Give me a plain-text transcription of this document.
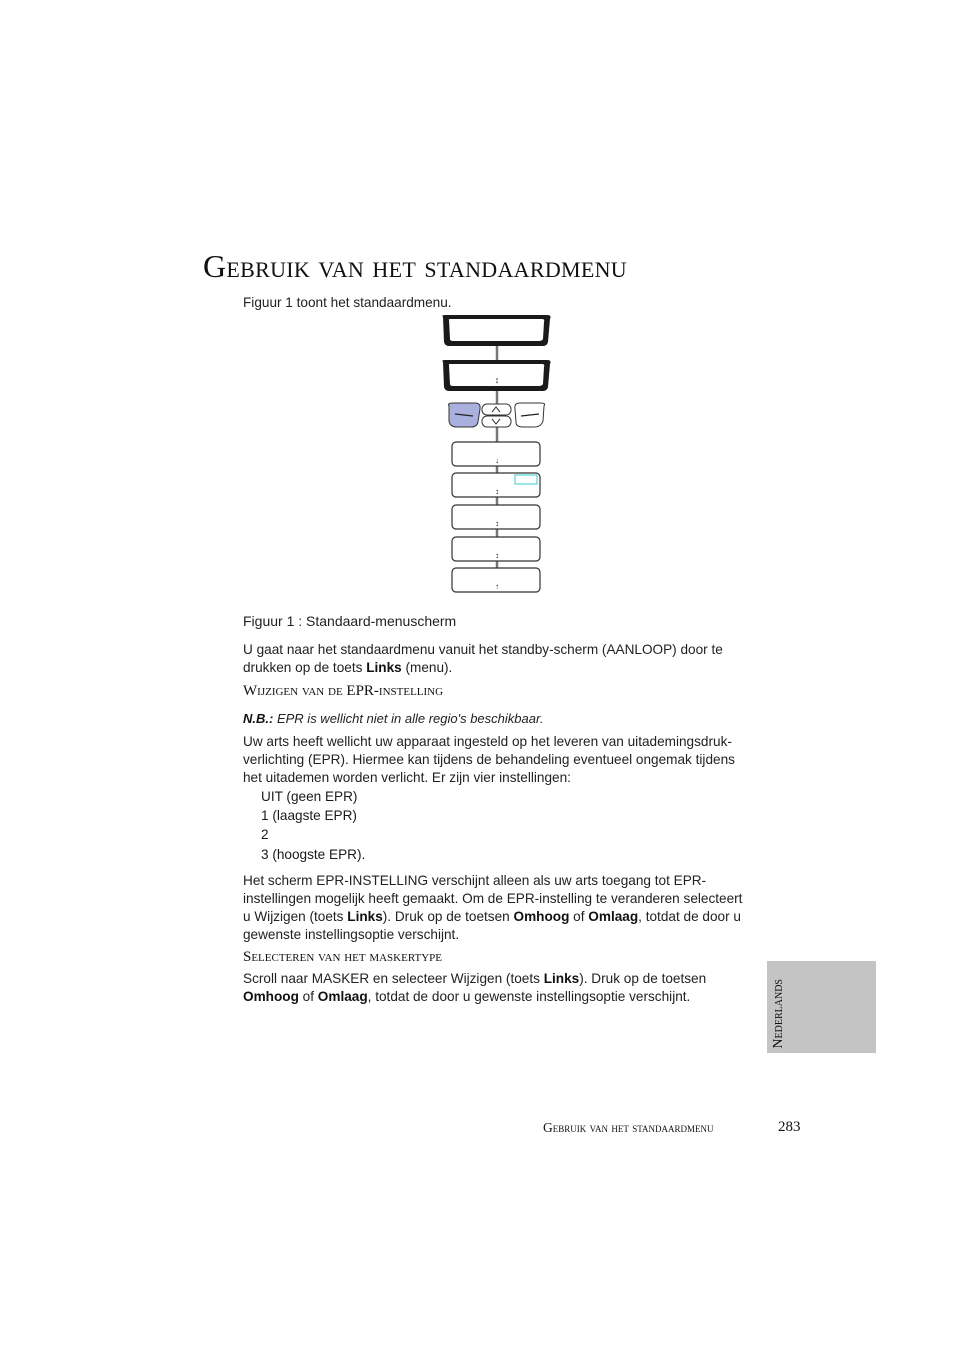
Gebruik van het standaardmenu
Figuur 1 toont het standaardmenu.
↕
↓
↕
↕
↕
↑
Figuur 1 : Standaard-menuscherm
U gaat naar het standaardmenu vanuit het standby-scherm (AANLOOP) door te drukken op de toets Links (menu).
Wijzigen van de EPR-instelling
N.B.: EPR is wellicht niet in alle regio's beschikbaar.
Uw arts heeft wellicht uw apparaat ingesteld op het leveren van uitademingsdruk-verlichting (EPR). Hiermee kan tijdens de behandeling eventueel ongemak tijdens het uitademen worden verlicht. Er zijn vier instellingen:
UIT (geen EPR)
1 (laagste EPR)
2
3 (hoogste EPR).
Het scherm EPR-INSTELLING verschijnt alleen als uw arts toegang tot EPR-instellingen mogelijk heeft gemaakt. Om de EPR-instelling te veranderen selecteert u Wijzigen (toets Links). Druk op de toetsen Omhoog of Omlaag, totdat de door u gewenste instellingsoptie verschijnt.
Selecteren van het maskertype
Scroll naar MASKER en selecteer Wijzigen (toets Links). Druk op de toetsen Omhoog of Omlaag, totdat de door u gewenste instellingsoptie verschijnt.	Nederlands
Gebruik van het standaardmenu	283
